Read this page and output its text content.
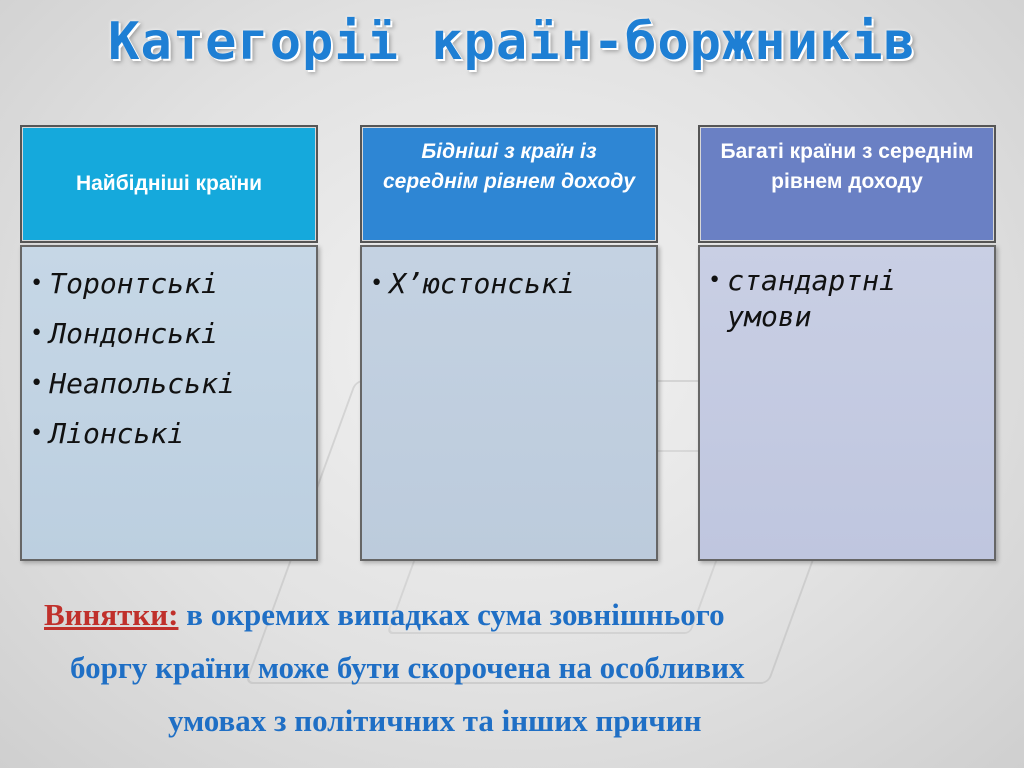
Категорії країн-боржників
Найбідніші країни
• Торонтські
• Лондонські
• Неапольські
• Ліонські
Бідніші з країн із середнім рівнем доходу
• Х’юстонські
Багаті країни з середнім рівнем доходу
• стандартні умови
Винятки: в окремих випадках сума зовнішнього
боргу країни може бути скорочена на особливих
умовах з політичних та інших причин
